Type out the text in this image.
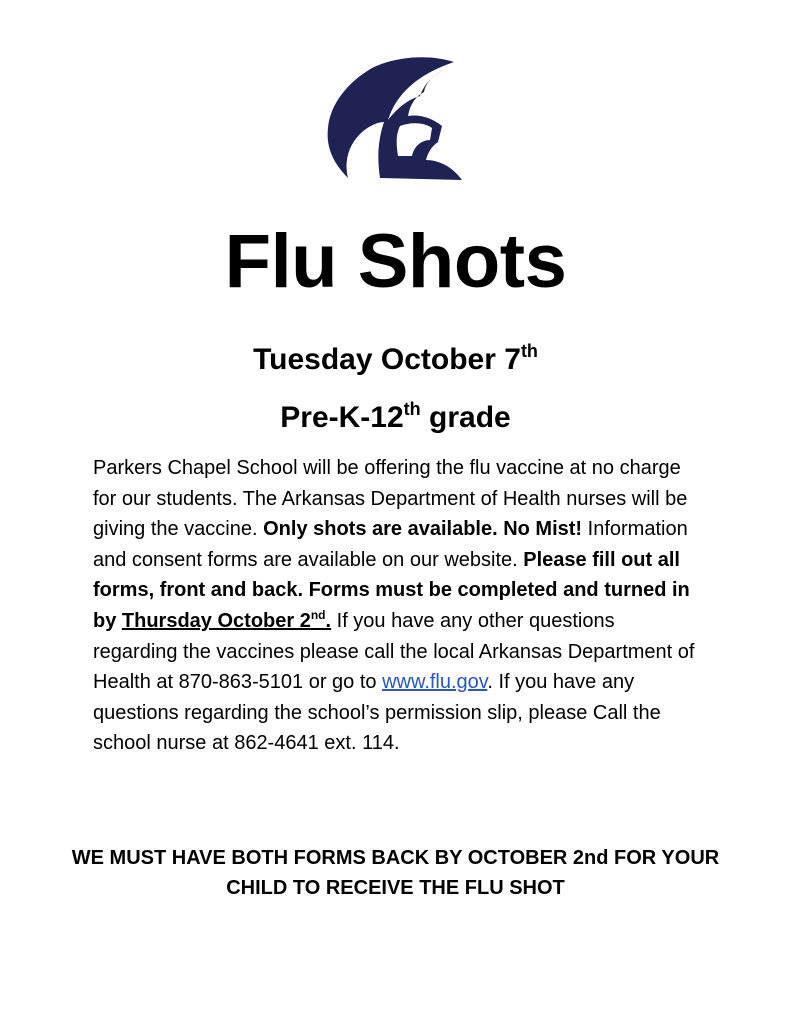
Flu Shots

Tuesday October 7th

Pre-K-12th grade

Parkers Chapel School will be offering the flu vaccine at no charge for our students. The Arkansas Department of Health nurses will be giving the vaccine. Only shots are available. No Mist! Information and consent forms are available on our website. Please fill out all forms, front and back. Forms must be completed and turned in by Thursday October 2nd. If you have any other questions regarding the vaccines please call the local Arkansas Department of Health at 870-863-5101 or go to www.flu.gov. If you have any questions regarding the school’s permission slip, please Call the school nurse at 862-4641 ext. 114.

WE MUST HAVE BOTH FORMS BACK BY OCTOBER 2nd FOR YOUR CHILD TO RECEIVE THE FLU SHOT
